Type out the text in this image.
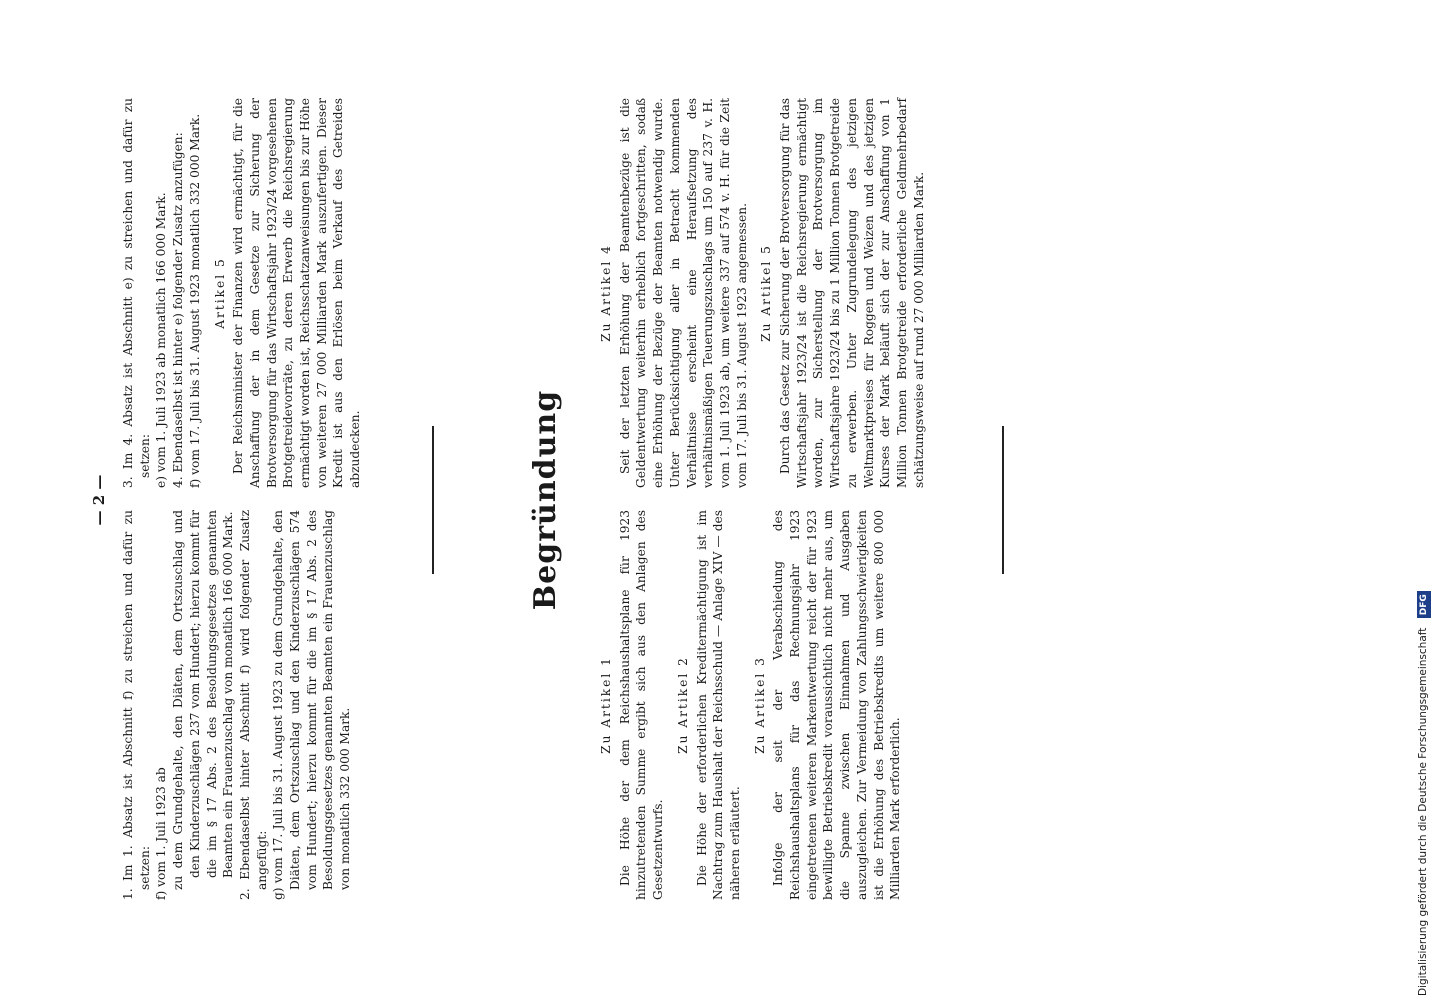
— 2 —

1. Im 1. Absatz ist Abschnitt f) zu streichen und dafür zu setzen: f) vom 1. Juli 1923 ab zu dem Grundgehalte, den Diäten, dem Ortszuschlag und den Kinderzuschlägen 237 vom Hundert; hierzu kommt für die im § 17 Abs. 2 des Besoldungsgesetzes genannten Beamten ein Frauenzuschlag von monatlich 166 000 Mark. 2. Ebendaselbst hinter Abschnitt f) wird folgender Zusatz angefügt: g) vom 17. Juli bis 31. August 1923 zu dem Grundgehalte, den Diäten, dem Ortszuschlag und den Kinderzuschlägen 574 vom Hundert; hierzu kommt für die im § 17 Abs. 2 des Besoldungsgesetzes genannten Beamten ein Frauenzuschlag von monatlich 332 000 Mark.

3. Im 4. Absatz ist Abschnitt e) zu streichen und dafür zu setzen: e) vom 1. Juli 1923 ab monatlich 166 000 Mark. 4. Ebendaselbst ist hinter e) folgender Zusatz anzufügen: f) vom 17. Juli bis 31. August 1923 monatlich 332 000 Mark. Artikel 5 Der Reichsminister der Finanzen wird ermächtigt, für die Anschaffung der in dem Gesetze zur Sicherung der Brotversorgung für das Wirtschaftsjahr 1923/24 vorgesehenen Brotgetreidevorräte, zu deren Erwerb die Reichsregierung ermächtigt worden ist, Reichsschatzanweisungen bis zur Höhe von weiteren 27 000 Milliarden Mark auszufertigen. Dieser Kredit ist aus den Erlösen beim Verkauf des Getreides abzudecken.	Begründung

Zu Artikel 1 Die Höhe der dem Reichshaushaltsplane für 1923 hinzutretenden Summe ergibt sich aus den Anlagen des Gesetzentwurfs.

Zu Artikel 2 Die Höhe der erforderlichen Kreditermächtigung ist im Nachtrag zum Haushalt der Reichsschuld — Anlage XIV — des näheren erläutert.

Zu Artikel 3 Infolge der seit der Verabschiedung des Reichshaushaltsplans für das Rechnungsjahr 1923 eingetretenen weiteren Markentwertung reicht der für 1923 bewilligte Betriebskredit voraussichtlich nicht mehr aus, um die Spanne zwischen Einnahmen und Ausgaben auszugleichen. Zur Vermeidung von Zahlungsschwierigkeiten ist die Erhöhung des Betriebskredits um weitere 800 000 Milliarden Mark erforderlich.

Zu Artikel 4 Seit der letzten Erhöhung der Beamtenbezüge ist die Geldentwertung weiterhin erheblich fortgeschritten, sodaß eine Erhöhung der Bezüge der Beamten notwendig wurde. Unter Berücksichtigung aller in Betracht kommenden Verhältnisse erscheint eine Heraufsetzung des verhältnismäßigen Teuerungszuschlags um 150 auf 237 v. H. vom 1. Juli 1923 ab, um weitere 337 auf 574 v. H. für die Zeit vom 17. Juli bis 31. August 1923 angemessen. Zu Artikel 5 Durch das Gesetz zur Sicherung der Brotversorgung für das Wirtschaftsjahr 1923/24 ist die Reichsregierung ermächtigt worden, zur Sicherstellung der Brotversorgung im Wirtschaftsjahre 1923/24 bis zu 1 Million Tonnen Brotgetreide zu erwerben. Unter Zugrundelegung des jetzigen Weltmarktpreises für Roggen und Weizen und des jetzigen Kurses der Mark beläuft sich der zur Anschaffung von 1 Million Tonnen Brotgetreide erforderliche Geldmehrbedarf schätzungsweise auf rund 27 000 Milliarden Mark.

Digitalisierung gefördert durch die Deutsche Forschungsgemeinschaft DFG
